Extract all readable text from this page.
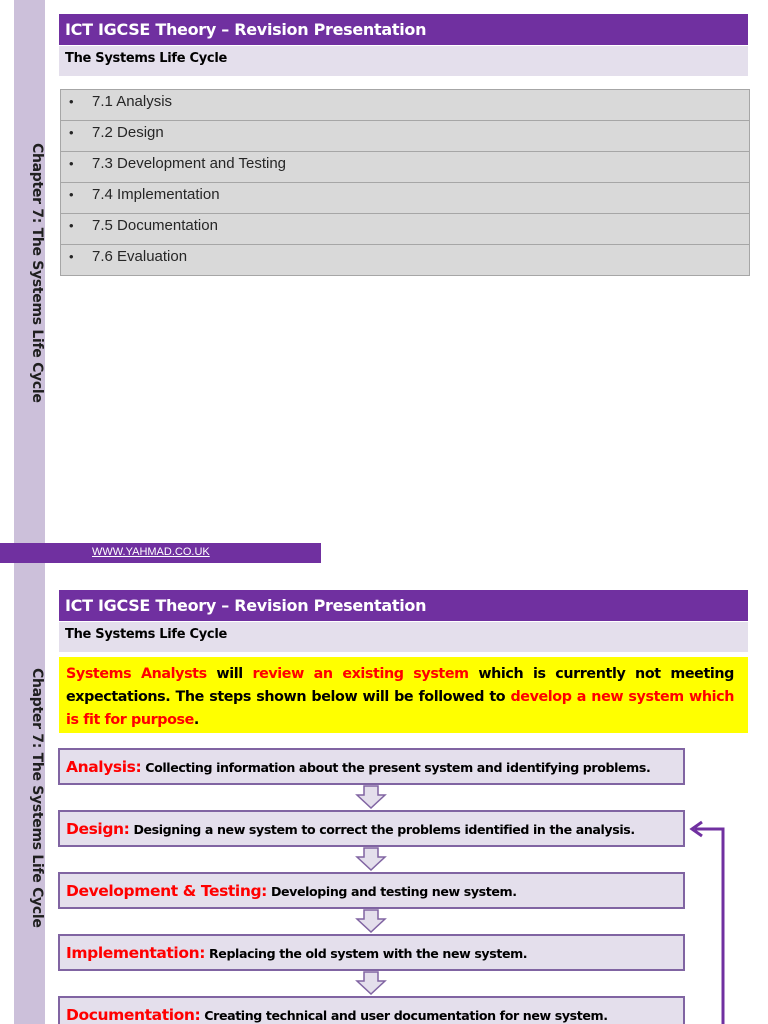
Chapter 7: The Systems Life Cycle
ICT IGCSE Theory – Revision Presentation
The Systems Life Cycle
• 7.1 Analysis
• 7.2 Design
• 7.3 Development and Testing
• 7.4 Implementation
• 7.5 Documentation
• 7.6 Evaluation
WWW.YAHMAD.CO.UK
Chapter 7: The Systems Life Cycle
ICT IGCSE Theory – Revision Presentation
The Systems Life Cycle
Systems Analysts will review an existing system which is currently not meeting expectations. The steps shown below will be followed to develop a new system which is fit for purpose.
Analysis: Collecting information about the present system and identifying problems.
Design: Designing a new system to correct the problems identified in the analysis.
Development & Testing: Developing and testing new system.
Implementation: Replacing the old system with the new system.
Documentation: Creating technical and user documentation for new system.
